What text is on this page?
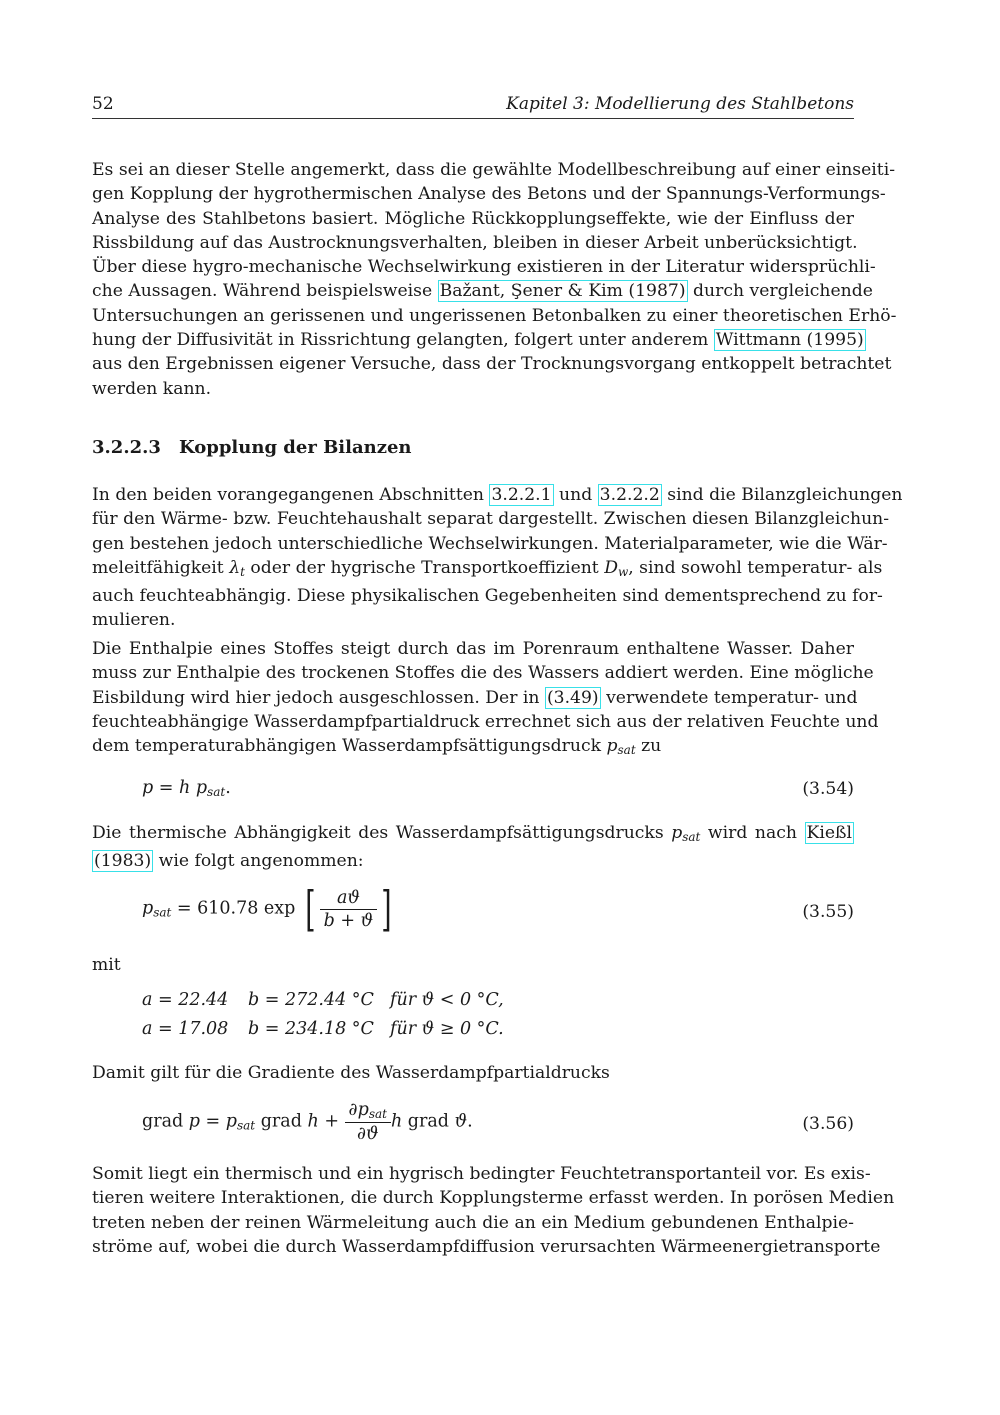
52	Kapitel 3: Modellierung des Stahlbetons
Es sei an dieser Stelle angemerkt, dass die gewählte Modellbeschreibung auf einer einseiti-
gen Kopplung der hygrothermischen Analyse des Betons und der Spannungs-Verformungs-
Analyse des Stahlbetons basiert. Mögliche Rückkopplungseffekte, wie der Einfluss der
Rissbildung auf das Austrocknungsverhalten, bleiben in dieser Arbeit unberücksichtigt.
Über diese hygro-mechanische Wechselwirkung existieren in der Literatur widersprüchli-
che Aussagen. Während beispielsweise Bažant, Şener & Kim (1987) durch vergleichende
Untersuchungen an gerissenen und ungerissenen Betonbalken zu einer theoretischen Erhö-
hung der Diffusivität in Rissrichtung gelangten, folgert unter anderem Wittmann (1995)
aus den Ergebnissen eigener Versuche, dass der Trocknungsvorgang entkoppelt betrachtet
werden kann.
3.2.2.3 Kopplung der Bilanzen
In den beiden vorangegangenen Abschnitten 3.2.2.1 und 3.2.2.2 sind die Bilanzgleichungen
für den Wärme- bzw. Feuchtehaushalt separat dargestellt. Zwischen diesen Bilanzgleichun-
gen bestehen jedoch unterschiedliche Wechselwirkungen. Materialparameter, wie die Wär-
meleitfähigkeit $\lambda_t$ oder der hygrische Transportkoeffizient $D_w$, sind sowohl temperatur- als
auch feuchteabhängig. Diese physikalischen Gegebenheiten sind dementsprechend zu for-
mulieren.
Die Enthalpie eines Stoffes steigt durch das im Porenraum enthaltene Wasser. Daher
muss zur Enthalpie des trockenen Stoffes die des Wassers addiert werden. Eine mögliche
Eisbildung wird hier jedoch ausgeschlossen. Der in (3.49) verwendete temperatur- und
feuchteabhängige Wasserdampfpartialdruck errechnet sich aus der relativen Feuchte und
dem temperaturabhängigen Wasserdampfsättigungsdruck $p_{sat}$ zu
p = h $p_{sat}$.	(3.54)
Die thermische Abhängigkeit des Wasserdampfsättigungsdrucks $p_{sat}$ wird nach Kießl
(1983) wie folgt angenommen:
$p_{sat} = 610.78$ exp [ $\frac{aϑ}{b + ϑ}$ ]	(3.55)
mit
a = 22.44 b = 272.44 °C für ϑ < 0 °C,
a = 17.08 b = 234.18 °C für ϑ ≥ 0 °C.
Damit gilt für die Gradiente des Wasserdampfpartialdrucks
grad $p = p_{sat}$ grad $h + \frac{\partial p_{sat}}{\partial ϑ}$ h grad ϑ.	(3.56)
Somit liegt ein thermisch und ein hygrisch bedingter Feuchtetransportanteil vor. Es exis-
tieren weitere Interaktionen, die durch Kopplungsterme erfasst werden. In porösen Medien
treten neben der reinen Wärmeleitung auch die an ein Medium gebundenen Enthalpie-
ströme auf, wobei die durch Wasserdampfdiffusion verursachten Wärmeenergietransporte
